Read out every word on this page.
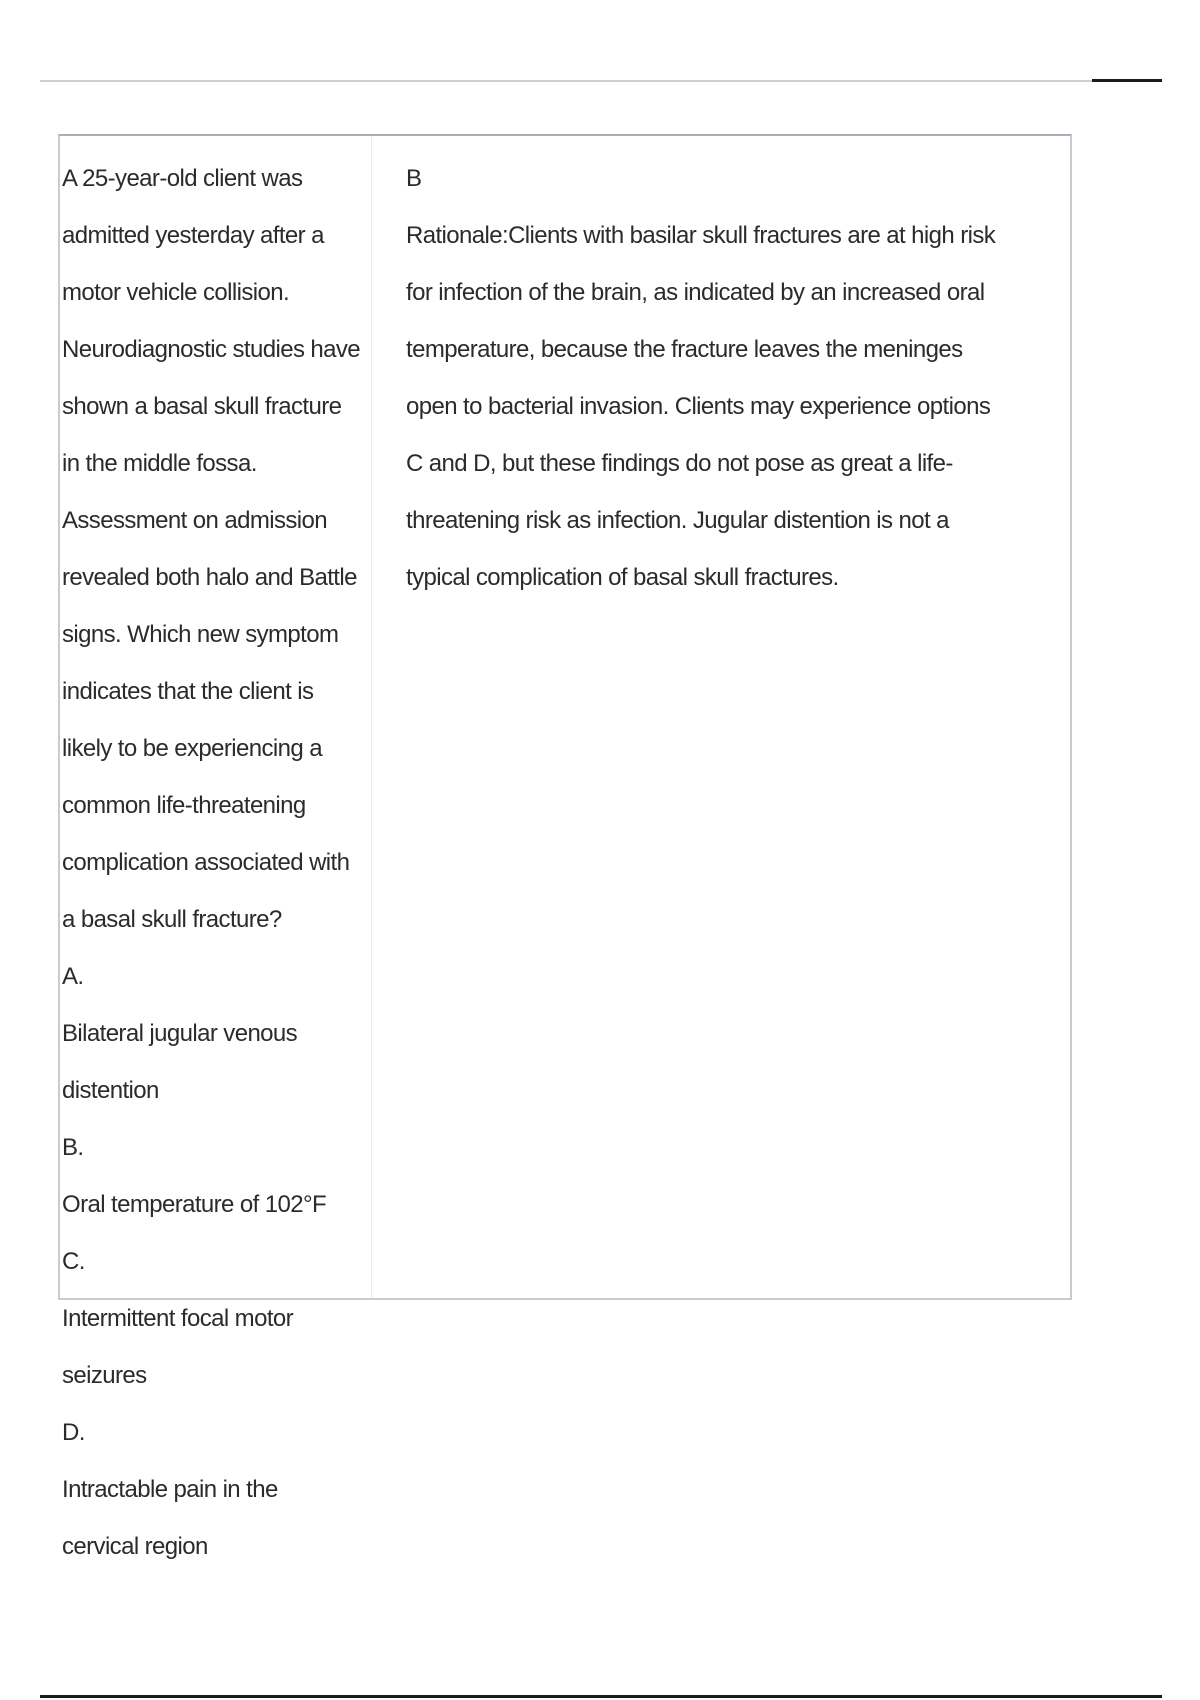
A 25-year-old client was admitted yesterday after a motor vehicle collision. Neurodiagnostic studies have shown a basal skull fracture in the middle fossa. Assessment on admission revealed both halo and Battle signs. Which new symptom indicates that the client is likely to be experiencing a common life-threatening complication associated with a basal skull fracture?
A.
Bilateral jugular venous distention
B.
Oral temperature of 102°F
C.
Intermittent focal motor seizures
D.
Intractable pain in the cervical region
B
Rationale:Clients with basilar skull fractures are at high risk for infection of the brain, as indicated by an increased oral temperature, because the fracture leaves the meninges open to bacterial invasion. Clients may experience options C and D, but these findings do not pose as great a life-threatening risk as infection. Jugular distention is not a typical complication of basal skull fractures.
